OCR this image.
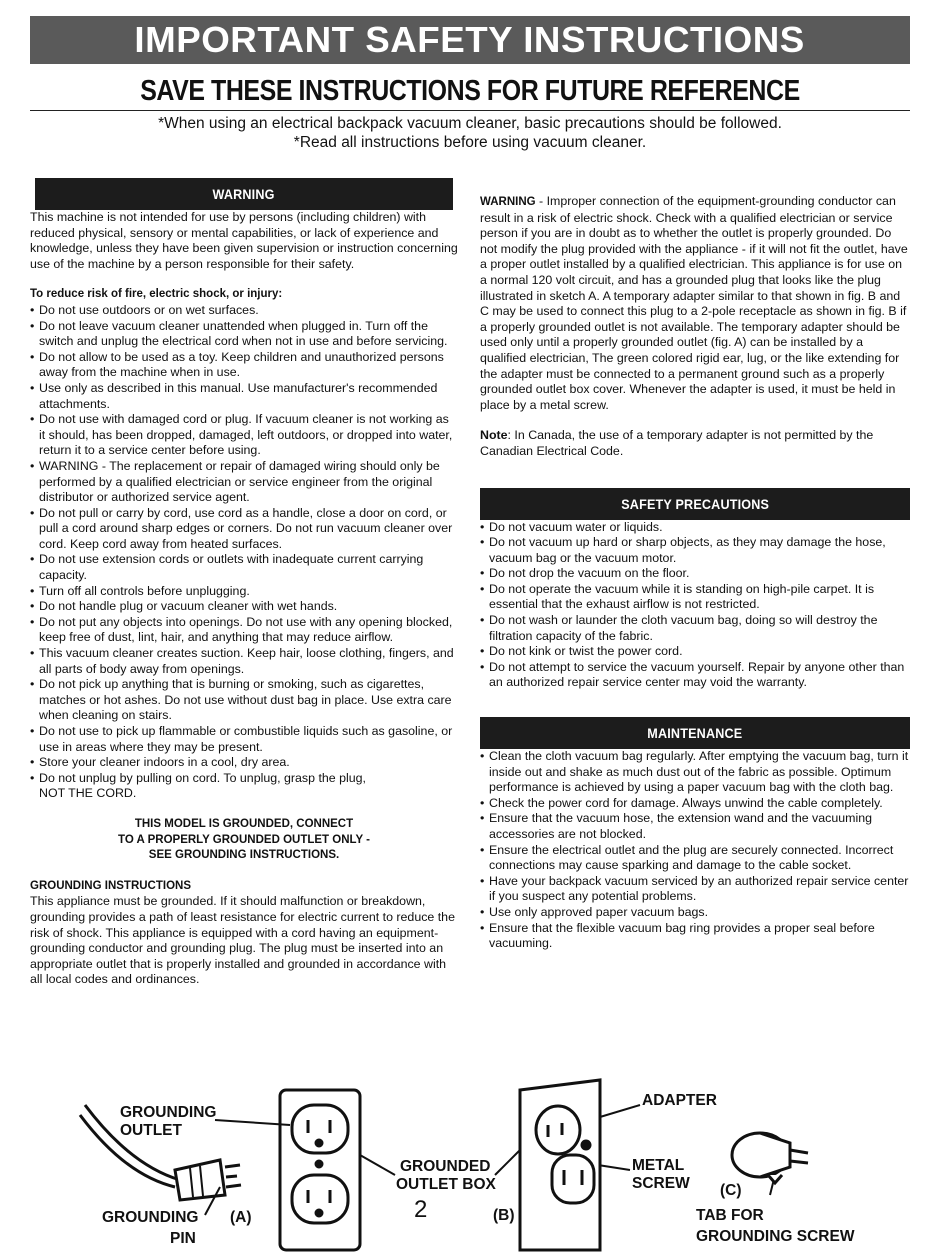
IMPORTANT SAFETY INSTRUCTIONS
SAVE THESE INSTRUCTIONS FOR FUTURE REFERENCE

*When using an electrical backpack vacuum cleaner, basic precautions should be followed.

*Read all instructions before using vacuum cleaner.

WARNING

This machine is not intended for use by persons (including children) with reduced physical, sensory or mental capabilities, or lack of experience and knowledge, unless they have been given supervision or instruction concerning use of the machine by a person responsible for their safety.

To reduce risk of fire, electric shock, or injury:

• Do not use outdoors or on wet surfaces.
• Do not leave vacuum cleaner unattended when plugged in. Turn off the switch and unplug the electrical cord when not in use and before servicing.
• Do not allow to be used as a toy. Keep children and unauthorized persons away from the machine when in use.
• Use only as described in this manual. Use manufacturer's recommended attachments.
• Do not use with damaged cord or plug. If vacuum cleaner is not working as it should, has been dropped, damaged, left outdoors, or dropped into water, return it to a service center before using.
• WARNING - The replacement or repair of damaged wiring should only be performed by a qualified electrician or service engineer from the original distributor or authorized service agent.
• Do not pull or carry by cord, use cord as a handle, close a door on cord, or pull a cord around sharp edges or corners. Do not run vacuum cleaner over cord. Keep cord away from heated surfaces.
• Do not use extension cords or outlets with inadequate current carrying capacity.
• Turn off all controls before unplugging.
• Do not handle plug or vacuum cleaner with wet hands.
• Do not put any objects into openings. Do not use with any opening blocked, keep free of dust, lint, hair, and anything that may reduce airflow.
• This vacuum cleaner creates suction. Keep hair, loose clothing, fingers, and all parts of body away from openings.
• Do not pick up anything that is burning or smoking, such as cigarettes, matches or hot ashes. Do not use without dust bag in place. Use extra care when cleaning on stairs.
• Do not use to pick up flammable or combustible liquids such as gasoline, or use in areas where they may be present.
• Store your cleaner indoors in a cool, dry area.
• Do not unplug by pulling on cord. To unplug, grasp the plug,
NOT THE CORD.

THIS MODEL IS GROUNDED, CONNECT

TO A PROPERLY GROUNDED OUTLET ONLY -

SEE GROUNDING INSTRUCTIONS.

GROUNDING INSTRUCTIONS

This appliance must be grounded. If it should malfunction or breakdown, grounding provides a path of least resistance for electric current to reduce the risk of shock. This appliance is equipped with a cord having an equipment-grounding conductor and grounding plug. The plug must be inserted into an appropriate outlet that is properly installed and grounded in accordance with all local codes and ordinances.

WARNING - Improper connection of the equipment-grounding conductor can result in a risk of electric shock. Check with a qualified electrician or service person if you are in doubt as to whether the outlet is properly grounded. Do not modify the plug provided with the appliance - if it will not fit the outlet, have a proper outlet installed by a qualified electrician. This appliance is for use on a normal 120 volt circuit, and has a grounded plug that looks like the plug illustrated in sketch A. A temporary adapter similar to that shown in fig. B and C may be used to connect this plug to a 2-pole receptacle as shown in fig. B if a properly grounded outlet is not available. The temporary adapter should be used only until a properly grounded outlet (fig. A) can be installed by a qualified electrician, The green colored rigid ear, lug, or the like extending for the adapter must be connected to a permanent ground such as a properly grounded outlet box cover. Whenever the adapter is used, it must be held in place by a metal screw.

Note: In Canada, the use of a temporary adapter is not permitted by the Canadian Electrical Code.

SAFETY PRECAUTIONS
• Do not vacuum water or liquids.
• Do not vacuum up hard or sharp objects, as they may damage the hose, vacuum bag or the vacuum motor.
• Do not drop the vacuum on the floor.
• Do not operate the vacuum while it is standing on high-pile carpet. It is essential that the exhaust airflow is not restricted.
• Do not wash or launder the cloth vacuum bag, doing so will destroy the filtration capacity of the fabric.
• Do not kink or twist the power cord.
• Do not attempt to service the vacuum yourself. Repair by anyone other than an authorized repair service center may void the warranty.
MAINTENANCE
• Clean the cloth vacuum bag regularly. After emptying the vacuum bag, turn it inside out and shake as much dust out of the fabric as possible. Optimum performance is achieved by using a paper vacuum bag with the cloth bag.
• Check the power cord for damage. Always unwind the cable completely.
• Ensure that the vacuum hose, the extension wand and the vacuuming accessories are not blocked.
• Ensure the electrical outlet and the plug are securely connected. Incorrect connections may cause sparking and damage to the cable socket.
• Have your backpack vacuum serviced by an authorized repair service center if you suspect any potential problems.
• Use only approved paper vacuum bags.
• Ensure that the flexible vacuum bag ring provides a proper seal before vacuuming.
GROUNDING
OUTLET
GROUNDING
PIN
(A)
GROUNDED
OUTLET BOX
(B)
ADAPTER
METAL
SCREW (C)
TAB FOR
GROUNDING SCREW
2
